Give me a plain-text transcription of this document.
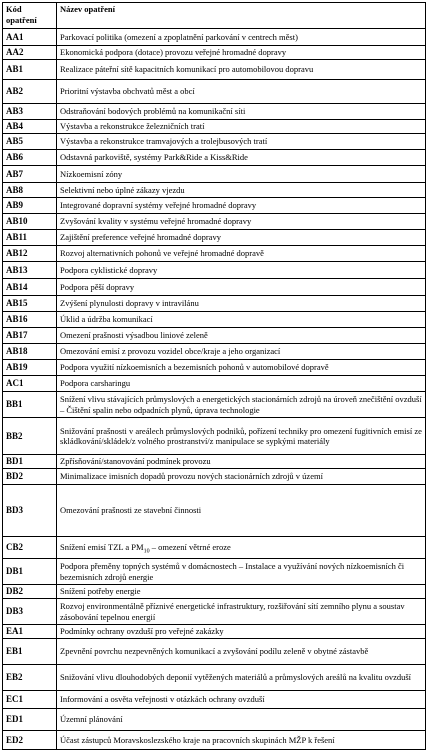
Kód opatření	Název opatření
AA1	Parkovací politika (omezení a zpoplatnění parkování v centrech měst)
AA2	Ekonomická podpora (dotace) provozu veřejné hromadné dopravy
AB1	Realizace páteřní sítě kapacitních komunikací pro automobilovou dopravu
AB2	Prioritní výstavba obchvatů měst a obcí
AB3	Odstraňování bodových problémů na komunikační síti
AB4	Výstavba a rekonstrukce železničních tratí
AB5	Výstavba a rekonstrukce tramvajových a trolejbusových tratí
AB6	Odstavná parkoviště, systémy Park&Ride a Kiss&Ride
AB7	Nízkoemisní zóny
AB8	Selektivní nebo úplné zákazy vjezdu
AB9	Integrované dopravní systémy veřejné hromadné dopravy
AB10	Zvyšování kvality v systému veřejné hromadné dopravy
AB11	Zajištění preference veřejné hromadné dopravy
AB12	Rozvoj alternativních pohonů ve veřejné hromadné dopravě
AB13	Podpora cyklistické dopravy
AB14	Podpora pěší dopravy
AB15	Zvýšení plynulosti dopravy v intravilánu
AB16	Úklid a údržba komunikací
AB17	Omezení prašnosti výsadbou liniové zeleně
AB18	Omezování emisí z provozu vozidel obce/kraje a jeho organizací
AB19	Podpora využití nízkoemisních a bezemisních pohonů v automobilové dopravě
AC1	Podpora carsharingu
BB1	Snížení vlivu stávajících průmyslových a energetických stacionárních zdrojů na úroveň znečištění ovzduší – Čištění spalin nebo odpadních plynů, úprava technologie
BB2	Snižování prašnosti v areálech průmyslových podniků, pořízení techniky pro omezení fugitivních emisí ze skládkování/skládek/z volného prostranství/z manipulace se sypkými materiály
BD1	Zpřísňování/stanovování podmínek provozu
BD2	Minimalizace imisních dopadů provozu nových stacionárních zdrojů v území
BD3	Omezování prašnosti ze stavební činnosti
CB2	Snížení emisí TZL a $PM_{10}$ – omezení větrné eroze
DB1	Podpora přeměny topných systémů v domácnostech – Instalace a využívání nových nízkoemisních či bezemisních zdrojů energie
DB2	Snížení potřeby energie
DB3	Rozvoj environmentálně příznivé energetické infrastruktury, rozšiřování sítí zemního plynu a soustav zásobování tepelnou energií
EA1	Podmínky ochrany ovzduší pro veřejné zakázky
EB1	Zpevnění povrchu nezpevněných komunikací a zvyšování podílu zeleně v obytné zástavbě
EB2	Snižování vlivu dlouhodobých deponií vytěžených materiálů a průmyslových areálů na kvalitu ovzduší
EC1	Informování a osvěta veřejnosti v otázkách ochrany ovzduší
ED1	Územní plánování
ED2	Účast zástupců Moravskoslezského kraje na pracovních skupinách MŽP k řešení
